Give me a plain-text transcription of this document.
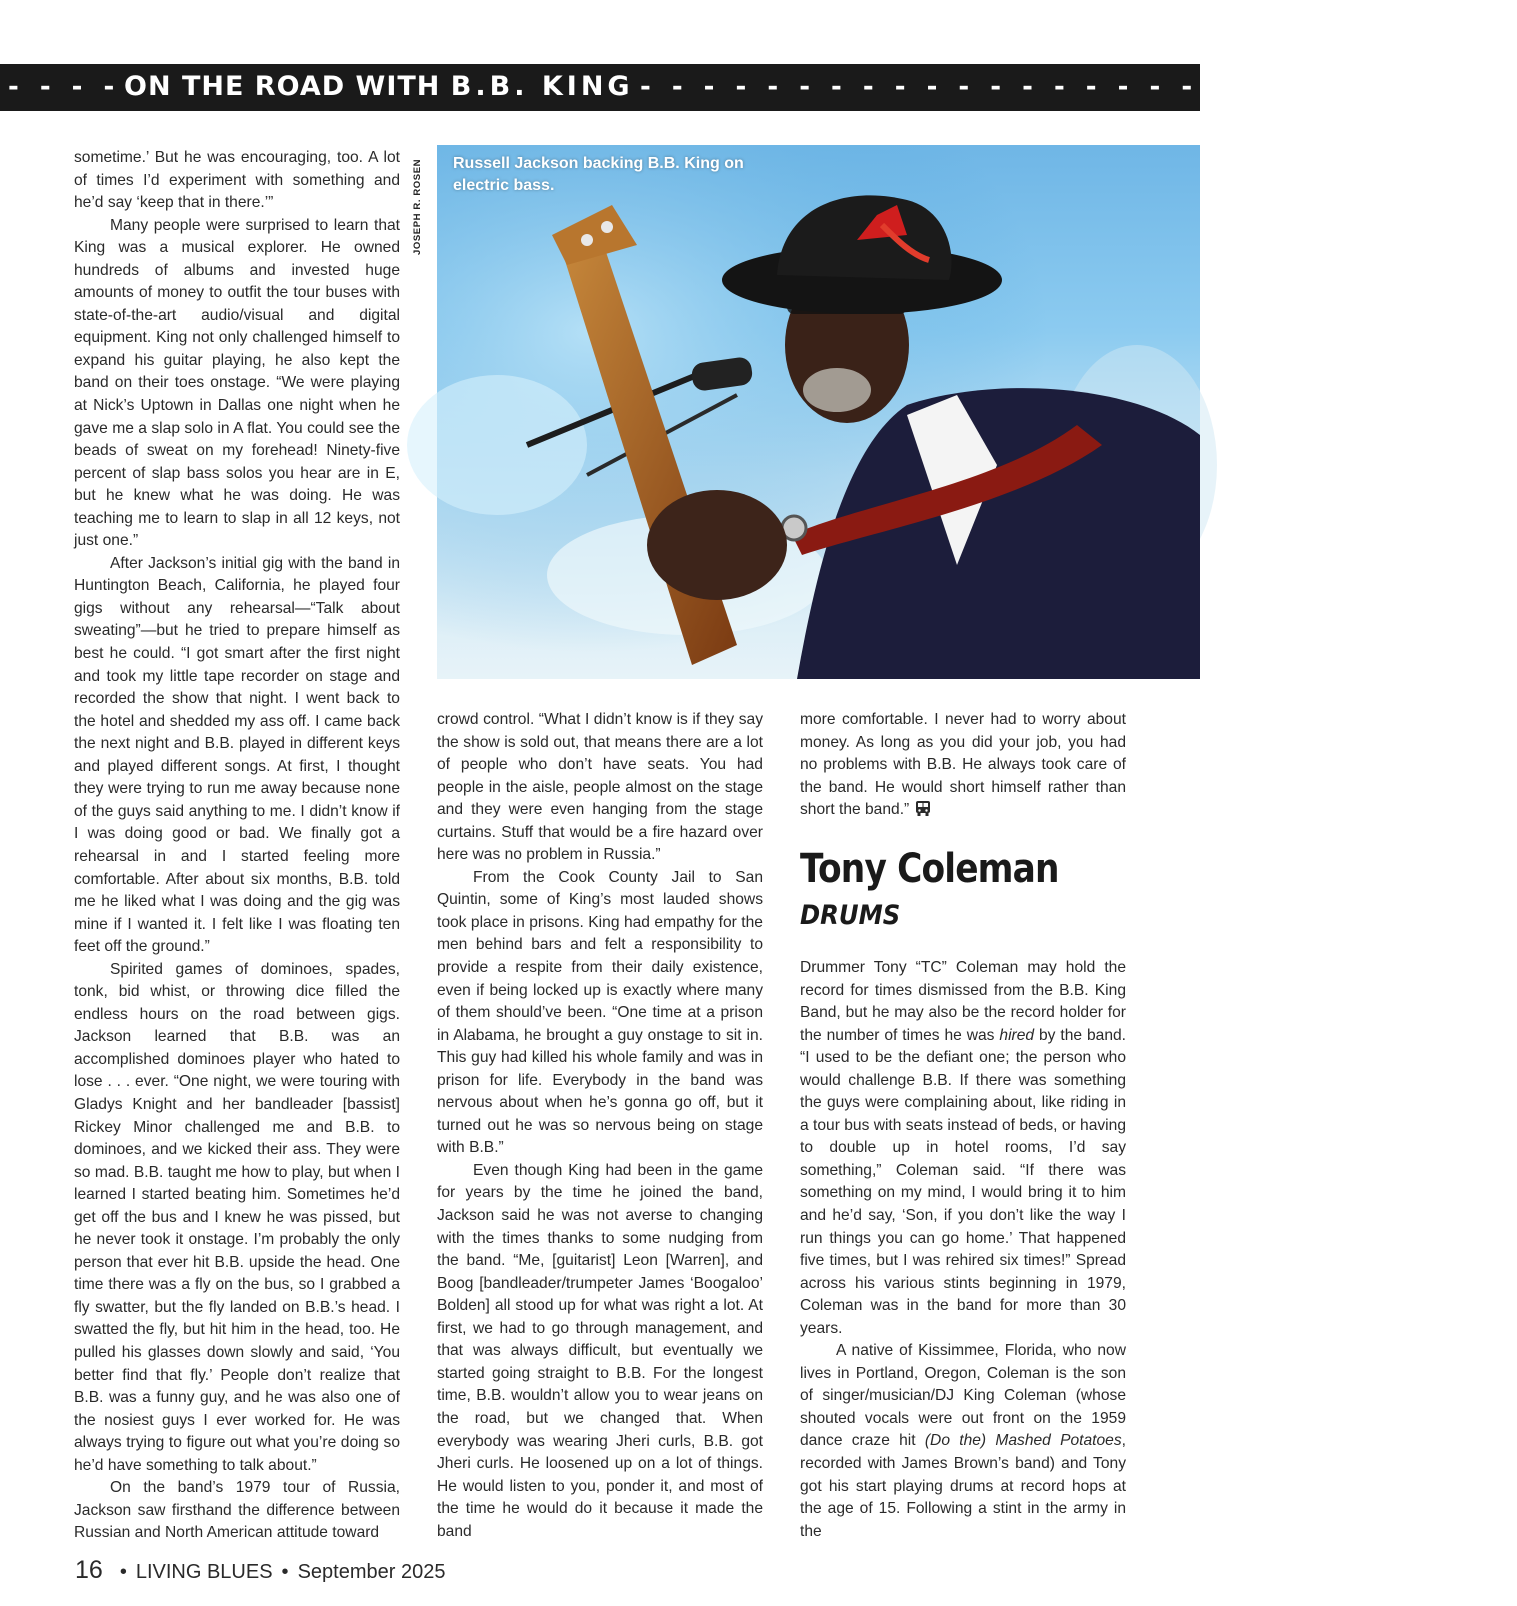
- - - - ON THE ROAD WITH B.B. KING - - - - - - - - - - - - - - - - - - - - - - - - - - - -

sometime.’ But he was encouraging, too. A lot of times I’d experiment with something and he’d say ‘keep that in there.’”

Many people were surprised to learn that King was a musical explorer. He owned hundreds of albums and invested huge amounts of money to outfit the tour buses with state-of-the-art audio/visual and digital equipment. King not only challenged himself to expand his guitar playing, he also kept the band on their toes onstage. “We were playing at Nick’s Uptown in Dallas one night when he gave me a slap solo in A flat. You could see the beads of sweat on my forehead! Ninety-five percent of slap bass solos you hear are in E, but he knew what he was doing. He was teaching me to learn to slap in all 12 keys, not just one.”

After Jackson’s initial gig with the band in Huntington Beach, California, he played four gigs without any rehearsal—“Talk about sweating”—but he tried to prepare himself as best he could. “I got smart after the first night and took my little tape recorder on stage and recorded the show that night. I went back to the hotel and shedded my ass off. I came back the next night and B.B. played in different keys and played different songs. At first, I thought they were trying to run me away because none of the guys said anything to me. I didn’t know if I was doing good or bad. We finally got a rehearsal in and I started feeling more comfortable. After about six months, B.B. told me he liked what I was doing and the gig was mine if I wanted it. I felt like I was floating ten feet off the ground.”

Spirited games of dominoes, spades, tonk, bid whist, or throwing dice filled the endless hours on the road between gigs. Jackson learned that B.B. was an accomplished dominoes player who hated to lose . . . ever. “One night, we were touring with Gladys Knight and her bandleader [bassist] Rickey Minor challenged me and B.B. to dominoes, and we kicked their ass. They were so mad. B.B. taught me how to play, but when I learned I started beating him. Sometimes he’d get off the bus and I knew he was pissed, but he never took it onstage. I’m probably the only person that ever hit B.B. upside the head. One time there was a fly on the bus, so I grabbed a fly swatter, but the fly landed on B.B.’s head. I swatted the fly, but hit him in the head, too. He pulled his glasses down slowly and said, ‘You better find that fly.’ People don’t realize that B.B. was a funny guy, and he was also one of the nosiest guys I ever worked for. He was always trying to figure out what you’re doing so he’d have something to talk about.”

On the band’s 1979 tour of Russia, Jackson saw firsthand the difference between Russian and North American attitude toward

JOSEPH R. ROSEN Russell Jackson backing B.B. King on electric bass.

crowd control. “What I didn’t know is if they say the show is sold out, that means there are a lot of people who don’t have seats. You had people in the aisle, people almost on the stage and they were even hanging from the stage curtains. Stuff that would be a fire hazard over here was no problem in Russia.”

From the Cook County Jail to San Quintin, some of King’s most lauded shows took place in prisons. King had empathy for the men behind bars and felt a responsibility to provide a respite from their daily existence, even if being locked up is exactly where many of them should’ve been. “One time at a prison in Alabama, he brought a guy onstage to sit in. This guy had killed his whole family and was in prison for life. Everybody in the band was nervous about when he’s gonna go off, but it turned out he was so nervous being on stage with B.B.”

Even though King had been in the game for years by the time he joined the band, Jackson said he was not averse to changing with the times thanks to some nudging from the band. “Me, [guitarist] Leon [Warren], and Boog [bandleader/trumpeter James ‘Boogaloo’ Bolden] all stood up for what was right a lot. At first, we had to go through management, and that was always difficult, but eventually we started going straight to B.B. For the longest time, B.B. wouldn’t allow you to wear jeans on the road, but we changed that. When everybody was wearing Jheri curls, B.B. got Jheri curls. He loosened up on a lot of things. He would listen to you, ponder it, and most of the time he would do it because it made the band

more comfortable. I never had to worry about money. As long as you did your job, you had no problems with B.B. He always took care of the band. He would short himself rather than short the band.”

Tony Coleman
DRUMS

Drummer Tony “TC” Coleman may hold the record for times dismissed from the B.B. King Band, but he may also be the record holder for the number of times he was hired by the band. “I used to be the defiant one; the person who would challenge B.B. If there was something the guys were complaining about, like riding in a tour bus with seats instead of beds, or having to double up in hotel rooms, I’d say something,” Coleman said. “If there was something on my mind, I would bring it to him and he’d say, ‘Son, if you don’t like the way I run things you can go home.’ That happened five times, but I was rehired six times!” Spread across his various stints beginning in 1979, Coleman was in the band for more than 30 years.

A native of Kissimmee, Florida, who now lives in Portland, Oregon, Coleman is the son of singer/musician/DJ King Coleman (whose shouted vocals were out front on the 1959 dance craze hit (Do the) Mashed Potatoes, recorded with James Brown’s band) and Tony got his start playing drums at record hops at the age of 15. Following a stint in the army in the

16 • LIVING BLUES • September 2025
